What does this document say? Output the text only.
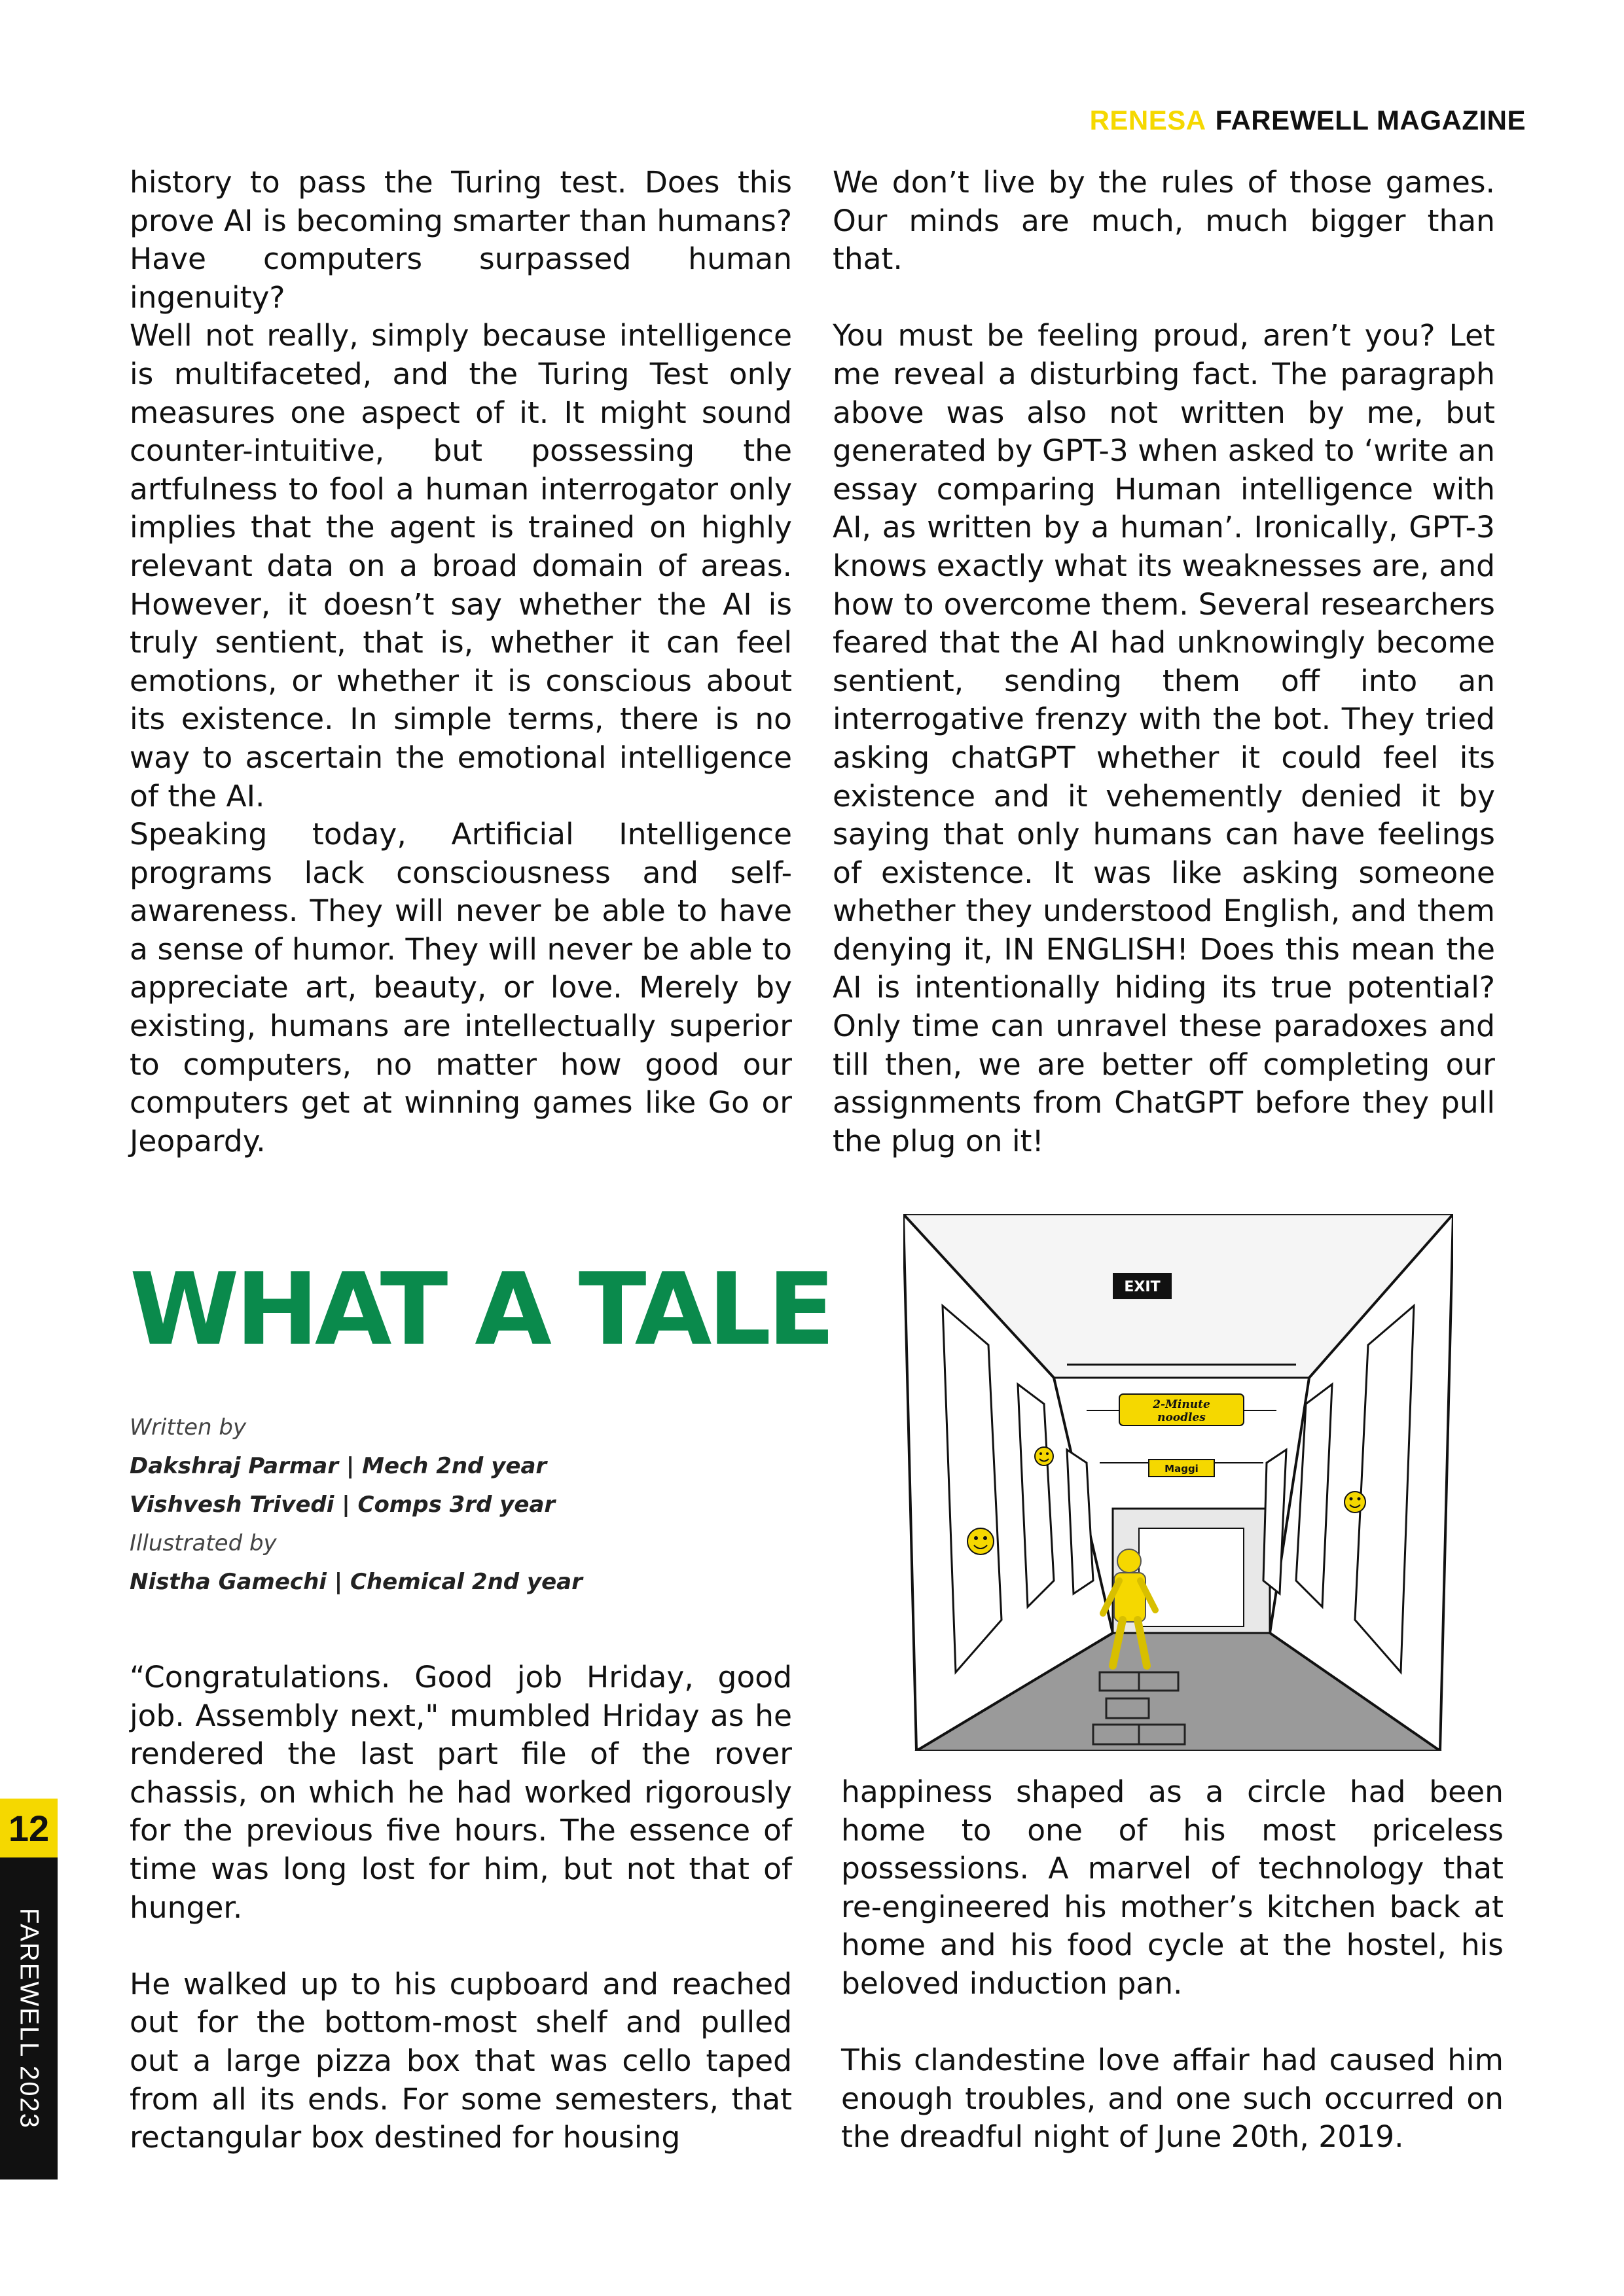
RENESA FAREWELL MAGAZINE

history to pass the Turing test. Does this prove AI is becoming smarter than humans? Have computers surpassed human ingenuity?

Well not really, simply because intelligence is multifaceted, and the Turing Test only measures one aspect of it. It might sound counter-intuitive, but possessing the artfulness to fool a human interrogator only implies that the agent is trained on highly relevant data on a broad domain of areas. However, it doesn’t say whether the AI is truly sentient, that is, whether it can feel emotions, or whether it is conscious about its existence. In simple terms, there is no way to ascertain the emotional intelligence of the AI.

Speaking today, Artificial Intelligence programs lack consciousness and self-awareness. They will never be able to have a sense of humor. They will never be able to appreciate art, beauty, or love. Merely by existing, humans are intellectually superior to computers, no matter how good our computers get at winning games like Go or Jeopardy.

We don’t live by the rules of those games. Our minds are much, much bigger than that.

You must be feeling proud, aren’t you? Let me reveal a disturbing fact. The paragraph above was also not written by me, but generated by GPT-3 when asked to ‘write an essay comparing Human intelligence with AI, as written by a human’. Ironically, GPT-3 knows exactly what its weaknesses are, and how to overcome them. Several researchers feared that the AI had unknowingly become sentient, sending them off into an interrogative frenzy with the bot. They tried asking chatGPT whether it could feel its existence and it vehemently denied it by saying that only humans can have feelings of existence. It was like asking someone whether they understood English, and them denying it, IN ENGLISH! Does this mean the AI is intentionally hiding its true potential? Only time can unravel these paradoxes and till then, we are better off completing our assignments from ChatGPT before they pull the plug on it!

WHAT A TALE
Written by
Dakshraj Parmar | Mech 2nd year
Vishvesh Trivedi | Comps 3rd year
Illustrated by
Nistha Gamechi | Chemical 2nd year
EXIT
2-Minute
noodles
Maggi

“Congratulations. Good job Hriday, good job. Assembly next," mumbled Hriday as he rendered the last part file of the rover chassis, on which he had worked rigorously for the previous five hours. The essence of time was long lost for him, but not that of hunger.

He walked up to his cupboard and reached out for the bottom-most shelf and pulled out a large pizza box that was cello taped from all its ends. For some semesters, that rectangular box destined for housing

happiness shaped as a circle had been home to one of his most priceless possessions. A marvel of technology that re-engineered his mother’s kitchen back at home and his food cycle at the hostel, his beloved induction pan.

This clandestine love affair had caused him enough troubles, and one such occurred on the dreadful night of June 20th, 2019.

12
FAREWELL 2023
